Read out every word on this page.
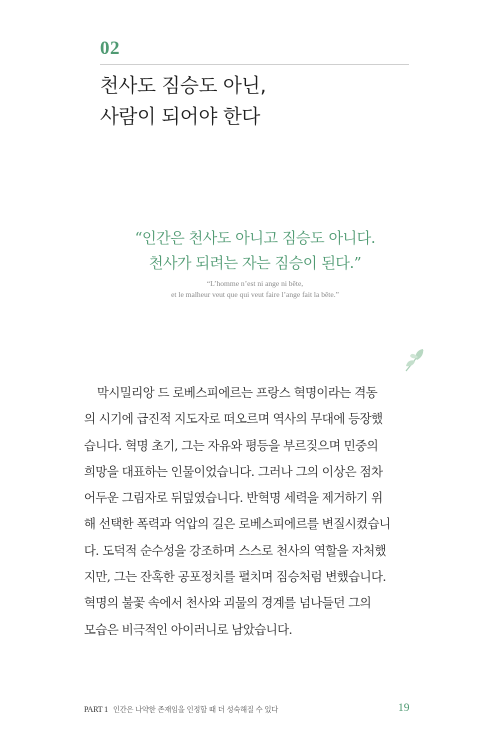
02
천사도 짐승도 아닌,
사람이 되어야 한다
“인간은 천사도 아니고 짐승도 아니다.
천사가 되려는 자는 짐승이 된다.”
“L’homme n’est ni ange ni bête,
et le malheur veut que qui veut faire l’ange fait la bête.”
막시밀리앙 드 로베스피에르는 프랑스 혁명이라는 격동
의 시기에 급진적 지도자로 떠오르며 역사의 무대에 등장했
습니다. 혁명 초기, 그는 자유와 평등을 부르짖으며 민중의
희망을 대표하는 인물이었습니다. 그러나 그의 이상은 점차
어두운 그림자로 뒤덮였습니다. 반혁명 세력을 제거하기 위
해 선택한 폭력과 억압의 길은 로베스피에르를 변질시켰습니
다. 도덕적 순수성을 강조하며 스스로 천사의 역할을 자처했
지만, 그는 잔혹한 공포정치를 펼치며 짐승처럼 변했습니다.
혁명의 불꽃 속에서 천사와 괴물의 경계를 넘나들던 그의
모습은 비극적인 아이러니로 남았습니다.
PART 1 인간은 나약한 존재임을 인정할 때 더 성숙해질 수 있다	19
